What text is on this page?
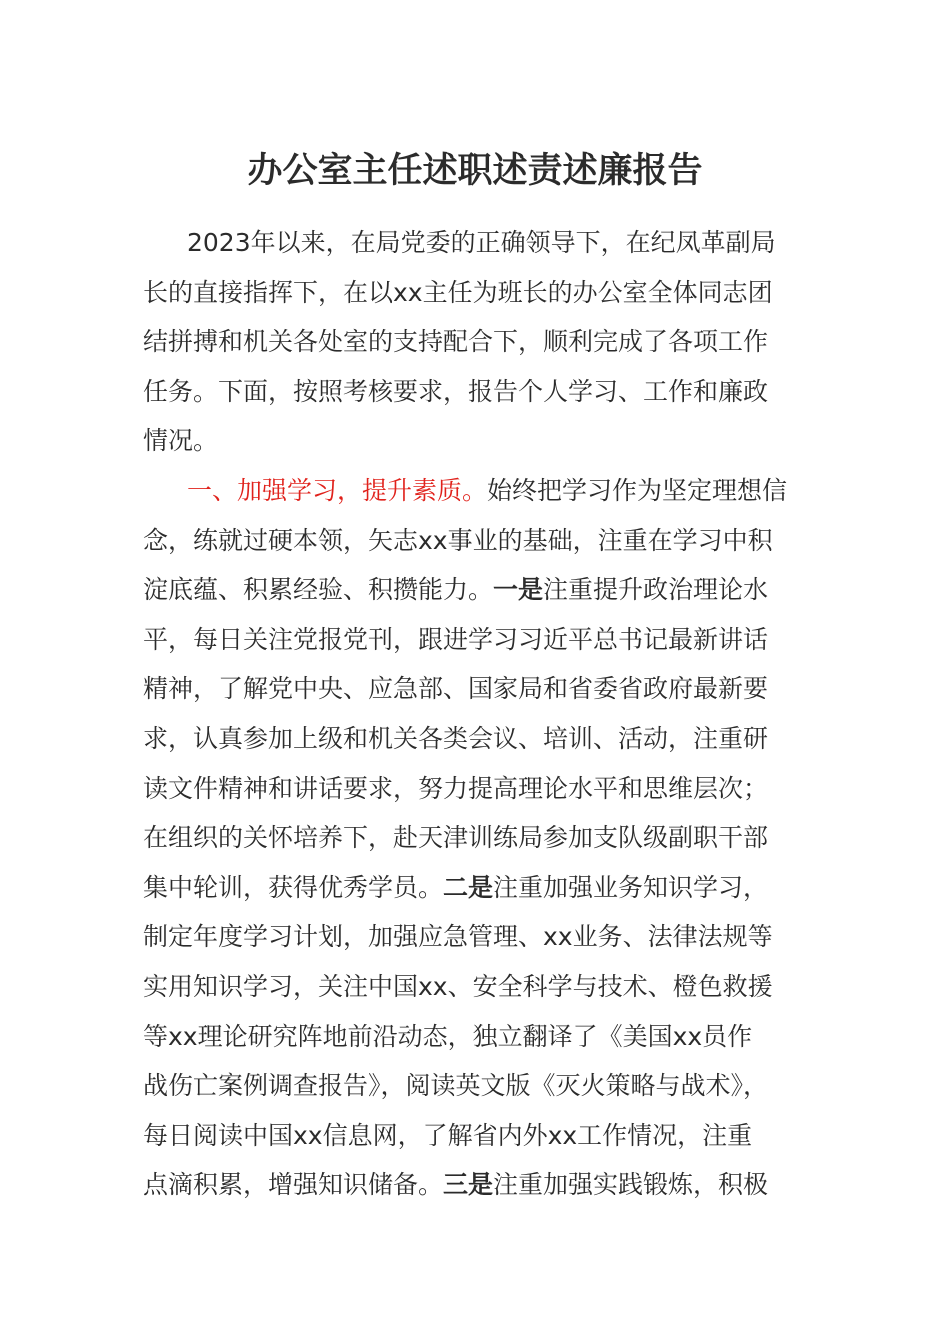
办公室主任述职述责述廉报告
2023年以来，在局党委的正确领导下，在纪凤革副局
长的直接指挥下，在以xx主任为班长的办公室全体同志团
结拼搏和机关各处室的支持配合下，顺利完成了各项工作
任务。下面，按照考核要求，报告个人学习、工作和廉政
情况。
一、加强学习，提升素质。始终把学习作为坚定理想信
念，练就过硬本领，矢志xx事业的基础，注重在学习中积
淀底蕴、积累经验、积攒能力。一是注重提升政治理论水
平，每日关注党报党刊，跟进学习习近平总书记最新讲话
精神，了解党中央、应急部、国家局和省委省政府最新要
求，认真参加上级和机关各类会议、培训、活动，注重研
读文件精神和讲话要求，努力提高理论水平和思维层次；
在组织的关怀培养下，赴天津训练局参加支队级副职干部
集中轮训，获得优秀学员。二是注重加强业务知识学习，
制定年度学习计划，加强应急管理、xx业务、法律法规等
实用知识学习，关注中国xx、安全科学与技术、橙色救援
等xx理论研究阵地前沿动态，独立翻译了《美国xx员作
战伤亡案例调查报告》，阅读英文版《灭火策略与战术》，
每日阅读中国xx信息网，了解省内外xx工作情况，注重
点滴积累，增强知识储备。三是注重加强实践锻炼，积极
